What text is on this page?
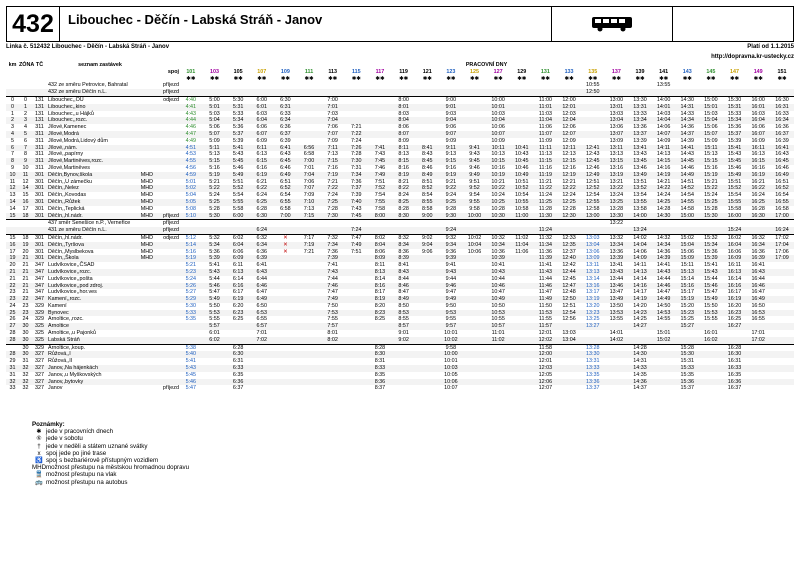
432	Libouchec - Děčín - Labská Stráň - Janov
Linka č. 512432 Libouchec - Děčín - Labská Stráň - Janov	Platí od 1.1.2015
http://dopravna.kr-ustecky.cz
km	ZÓNA	TČ	seznam zastávek		PRACOVNÍ DNY																									
				spoj	101	103	105	107	109	111	113	115	117	119	121	123	125	127	129	131	133	135	137	139	141	143	145	147	149	151
					✱✱	✱✱	✱✱	✱✱	✱✱	✱✱	✱✱	✱✱	✱✱	✱✱	✱✱	✱✱	✱✱	✱✱	✱✱	✱✱	✱✱	✱✱	✱✱	✱✱	✱✱	✱✱	✱✱	✱✱	✱✱	✱✱
			432 ze směru Petrovice, Bahratal	příjezd																		10:55			13:55					
			432 ze směru Děčín n.L.	příjezd																		12:50								
0	0	131	Libouchec,,OÚ	odjezd	4:40	5:00	5:30	6:00	6:30		7:00			8:00		9:00		10:00		11:00	12:00		13:00	13:30	14:00	14:30	15:00	15:30	16:00	16:30
0	1	131	Libouchec,,kino		4:41	5:01	5:31	6:01	6:31		7:01			8:01		9:01		10:01		11:01	12:01		13:01	13:31	14:01	14:31	15:01	15:31	16:01	16:31
1	2	131	Libouchec,,u Hájků		4:43	5:03	5:33	6:03	6:33		7:03			8:03		9:03		10:03		11:03	12:03		13:03	13:33	14:03	14:33	15:03	15:33	16:03	16:33
2	3	131	Libouchec,,rozc.		4:44	5:04	5:34	6:04	6:34		7:04			8:04		9:04		10:04		11:04	12:04		13:04	13:34	14:04	14:34	15:04	15:34	16:04	16:34
3	4	311	Jílové,Kamenec		4:46	5:06	5:36	6:06	6:36		7:06	7:21		8:06		9:06		10:06		11:06	12:06		13:06	13:36	14:06	14:36	15:06	15:36	16:06	16:36
4	5	311	Jílové,Modrá		4:47	5:07	5:37	6:07	6:37		7:07	7:22		8:07		9:07		10:07		11:07	12:07		13:07	13:37	14:07	14:37	15:07	15:37	16:07	16:37
5	6	311	Jílové,Modrá,Lidový dům		4:49	5:09	5:39	6:09	6:39		7:09	7:24		8:09		9:09		10:09		11:09	12:09		13:09	13:39	14:09	14:39	15:09	15:39	16:09	16:39
6	7	311	Jílové,,nám.		4:51	5:11	5:41	6:11	6:41	6:56	7:11	7:26	7:41	8:11	8:41	9:11	9:41	10:11	10:41	11:11	12:11	12:41	13:11	13:41	14:11	14:41	15:11	15:41	16:11	16:41
7	8	311	Jílové,,papírny		4:53	5:13	5:43	6:13	6:43	6:58	7:13	7:28	7:43	8:13	8:43	9:13	9:43	10:13	10:43	11:13	12:13	12:43	13:13	13:43	14:13	14:43	15:13	15:43	16:13	16:43
8	9	311	Jílové,Martiněves,rozc.		4:55	5:15	5:45	6:15	6:45	7:00	7:15	7:30	7:45	8:15	8:45	9:15	9:45	10:15	10:45	11:15	12:15	12:45	13:15	13:45	14:15	14:45	15:15	15:45	16:15	16:45
9	10	311	Jílové,Martiněves		4:56	5:16	5:46	6:16	6:46	7:01	7:16	7:31	7:46	8:16	8:46	9:16	9:46	10:16	10:46	11:16	12:16	12:46	13:16	13:46	14:16	14:46	15:16	15:46	16:16	16:46
10	11	301	Děčín,Bynov,škola MHD		4:59	5:19	5:49	6:19	6:49	7:04	7:19	7:34	7:49	8:19	8:49	9:19	9:49	10:19	10:49	11:19	12:19	12:49	13:19	13:49	14:19	14:49	15:19	15:49	16:19	16:49
11	12	301	Děčín,,U zámečku MHD		5:01	5:21	5:51	6:21	6:51	7:06	7:21	7:36	7:51	8:21	8:51	9:21	9:51	10:21	10:51	11:21	12:21	12:51	13:21	13:51	14:21	14:51	15:21	15:51	16:21	16:51
12	14	301	Děčín,,Nelez MHD		5:02	5:22	5:52	6:22	6:52	7:07	7:22	7:37	7:52	8:22	8:52	9:22	9:52	10:22	10:52	11:22	12:22	12:52	13:22	13:52	14:22	14:52	15:22	15:52	16:22	16:52
13	15	301	Děčín,,Kovodas MHD		5:04	5:24	5:54	6:24	6:54	7:09	7:24	7:39	7:54	8:24	8:54	9:24	9:54	10:24	10:54	11:24	12:24	12:54	13:24	13:54	14:24	14:54	15:24	15:54	16:24	16:54
14	16	301	Děčín,,Růžek MHD		5:05	5:25	5:55	6:25	6:55	7:10	7:25	7:40	7:55	8:25	8:55	9:25	9:55	10:25	10:55	11:25	12:25	12:55	13:25	13:55	14:25	14:55	15:25	15:55	16:25	16:55
14	17	301	Děčín,,Teplická MHD		5:08	5:28	5:58	6:28	6:58	7:13	7:28	7:43	7:58	8:28	8:58	9:28	9:58	10:28	10:58	11:28	12:28	12:58	13:28	13:58	14:28	14:58	15:28	15:58	16:28	16:58
15	18	301	Děčín,,hl.nádr. MHD	příjezd	5:10	5:30	6:00	6:30	7:00	7:15	7:30	7:45	8:00	8:30	9:00	9:30	10:00	10:30	11:00	11:30	12:30	13:00	13:30	14:00	14:30	15:00	15:30	16:00	16:30	17:00
			437 směr Senešice n.P., Verneřice	příjezd																			13:22							
			431 ze směru Děčín n.L.	příjezd				6:24				7:24				9:24				11:24				13:24				15:24		16:24
15	18	301	Děčín,,hl.nádr. MHD	odjezd	5:12	5:32	6:02	6:32	✕	7:17	7:32	7:47	8:02	8:32	9:02	9:32	10:02	10:32	11:02	11:32	12:33	13:03	13:32	14:02	14:32	15:02	15:32	16:02	16:32	17:02
16	19	301	Děčín,,Tyršova MHD		5:14	5:34	6:04	6:34	✕	7:19	7:34	7:49	8:04	8:34	9:04	9:34	10:04	10:34	11:04	11:34	12:35	13:04	13:34	14:04	14:34	15:04	15:34	16:04	16:34	17:04
17	20	301	Děčín,,Myslbekova MHD		5:16	5:36	6:06	6:36	✕	7:21	7:36	7:51	8:06	8:36	9:06	9:36	10:06	10:36	11:06	11:36	12:37	13:06	13:36	14:06	14:36	15:06	15:36	16:06	16:36	17:06
19	21	301	Děčín,,Škola MHD		5:19	5:39	6:09	6:39			7:39		8:09	8:39		9:39		10:39		11:39	12:40	13:09	13:39	14:09	14:39	15:09	15:39	16:09	16:39	17:09
20	21	347	Ludvíkovice,,ČSAD		5:21	5:41	6:11	6:41			7:41		8:11	8:41		9:41		10:41		11:41	12:42	13:11	13:41	14:11	14:41	15:11	15:41	16:11	16:41	
21	21	347	Ludvíkovice,,rozc.		5:23	5:43	6:13	6:43			7:43		8:13	8:43		9:43		10:43		11:43	12:44	13:13	13:43	14:13	14:43	15:13	15:43	16:13	16:43	
21	21	347	Ludvíkovice,,pošta		5:24	5:44	6:14	6:44			7:44		8:14	8:44		9:44		10:44		11:44	12:45	13:14	13:44	14:14	14:44	15:14	15:44	16:14	16:44	
22	21	347	Ludvíkovice,,pod zdroj.		5:26	5:46	6:16	6:46			7:46		8:16	8:46		9:46		10:46		11:46	12:47	13:16	13:46	14:16	14:46	15:16	15:46	16:16	16:46	
23	21	347	Ludvíkovice,,hor.ves		5:27	5:47	6:17	6:47			7:47		8:17	8:47		9:47		10:47		11:47	12:48	13:17	13:47	14:17	14:47	15:17	15:47	16:17	16:47	
23	22	347	Kamení,,rozc.		5:29	5:49	6:19	6:49			7:49		8:19	8:49		9:49		10:49		11:49	12:50	13:19	13:49	14:19	14:49	15:19	15:49	16:19	16:49	
24	23	329	Kamení		5:30	5:50	6:20	6:50			7:50		8:20	8:50		9:50		10:50		11:50	12:51	13:20	13:50	14:20	14:50	15:20	15:50	16:20	16:50	
25	23	329	Bynovec		5:33	5:53	6:23	6:53			7:53		8:23	8:53		9:53		10:53		11:53	12:54	13:23	13:53	14:23	14:53	15:23	15:53	16:23	16:53	
26	24	329	Arnoltice,,rozc.		5:35	5:55	6:25	6:55			7:55		8:25	8:55		9:55		10:55		11:55	12:56	13:25	13:55	14:25	14:55	15:25	15:55	16:25	16:55	
27	30	325	Arnoltice			5:57		6:57			7:57			8:57		9:57		10:57		11:57		13:27		14:27		15:27		16:27		
28	30	325	Arnoltice,,u Pajonků			6:01		7:01			8:01			9:01		10:01		11:01		12:01	13:03		14:01		15:01		16:01		17:01	
28	30	325	Labská Stráň			6:02		7:02			8:02			9:02		10:02		11:02		12:02	13:04		14:02		15:02		16:02		17:02	
	30	329	Arnoltice,,koup.		5:38		6:28						8:28			9:58				11:58		13:28		14:28		15:28		16:28		
28	30	327	Růžová,,I		5:40		6:30						8:30			10:00				12:00		13:30		14:30		15:30		16:30		
29	31	327	Růžová,,II		5:41		6:31						8:31			10:01				12:01		13:31		14:31		15:31		16:31		
31	32	327	Janov,,Na hájenkách		5:43		6:33						8:33			10:03				12:03		13:33		14:33		15:33		16:33		
31	32	327	Janov,,u Myškovských		5:45		6:35						8:35			10:05				12:05		13:35		14:35		15:35		16:35		
32	32	327	Janov,,bytovky		5:46		6:36						8:36			10:06				12:06		13:36		14:36		15:36		16:36		
33	32	327	Janov	příjezd	5:47		6:37						8:37			10:07				12:07		13:37		14:37		15:37		16:37		
Poznámky:
✱ jede v pracovních dnech
⑥ jede v sobotu
† jede v neděli a státem uznané svátky
x spoj jede po jiné trase
♿ spoj s bezbariérově přístupným vozidlem
MHD možnost přestupu na městskou hromadnou dopravu
🚆 možnost přestupu na vlak
🚌 možnost přestupu na autobus
